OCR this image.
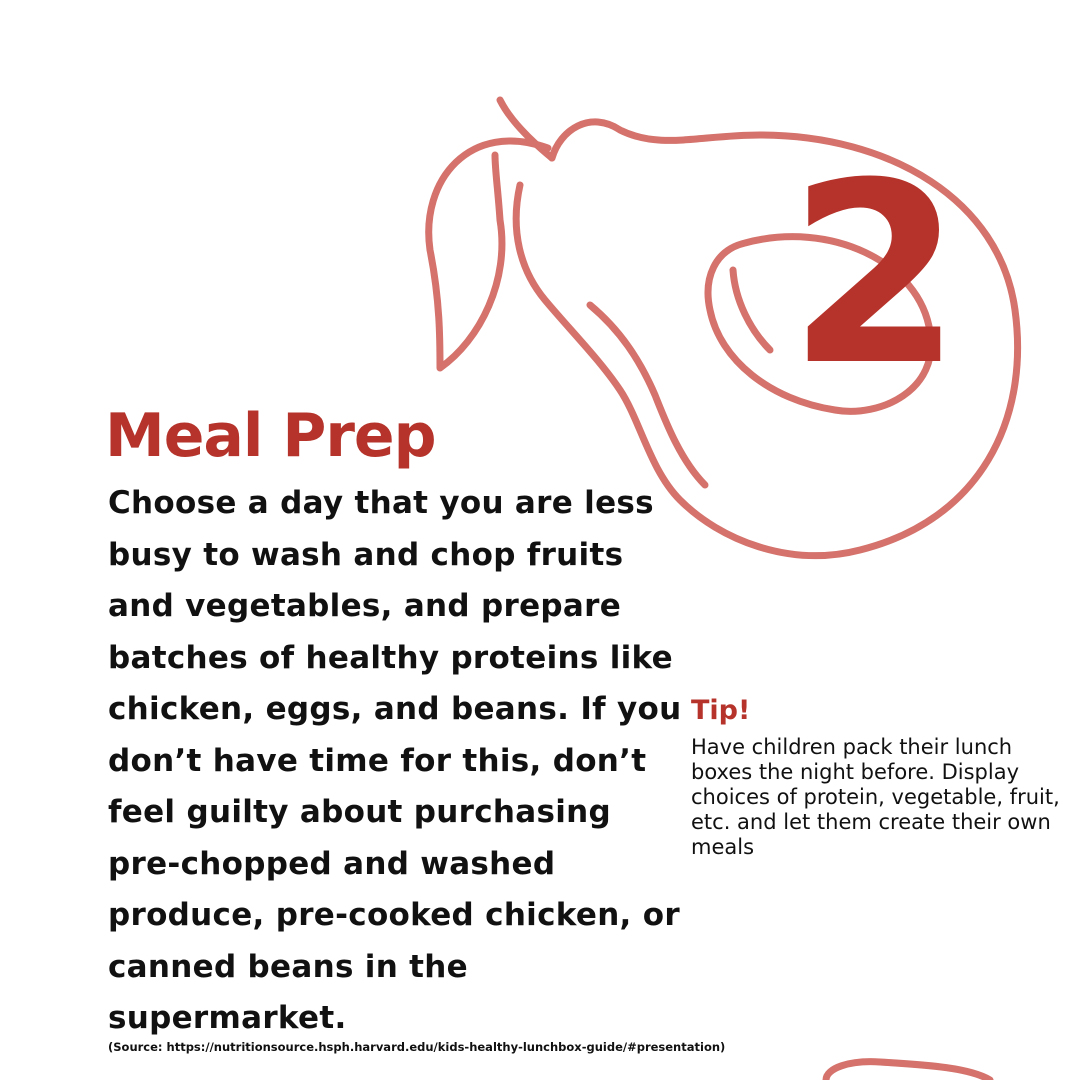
2
Meal Prep

Choose a day that you are less busy to wash and chop fruits and vegetables, and prepare batches of healthy proteins like chicken, eggs, and beans. If you don’t have time for this, don’t feel guilty about purchasing pre-chopped and washed produce, pre-cooked chicken, or canned beans in the supermarket.

Tip!

Have children pack their lunch boxes the night before. Display choices of protein, vegetable, fruit, etc. and let them create their own meals

(Source: https://nutritionsource.hsph.harvard.edu/kids-healthy-lunchbox-guide/#presentation)
